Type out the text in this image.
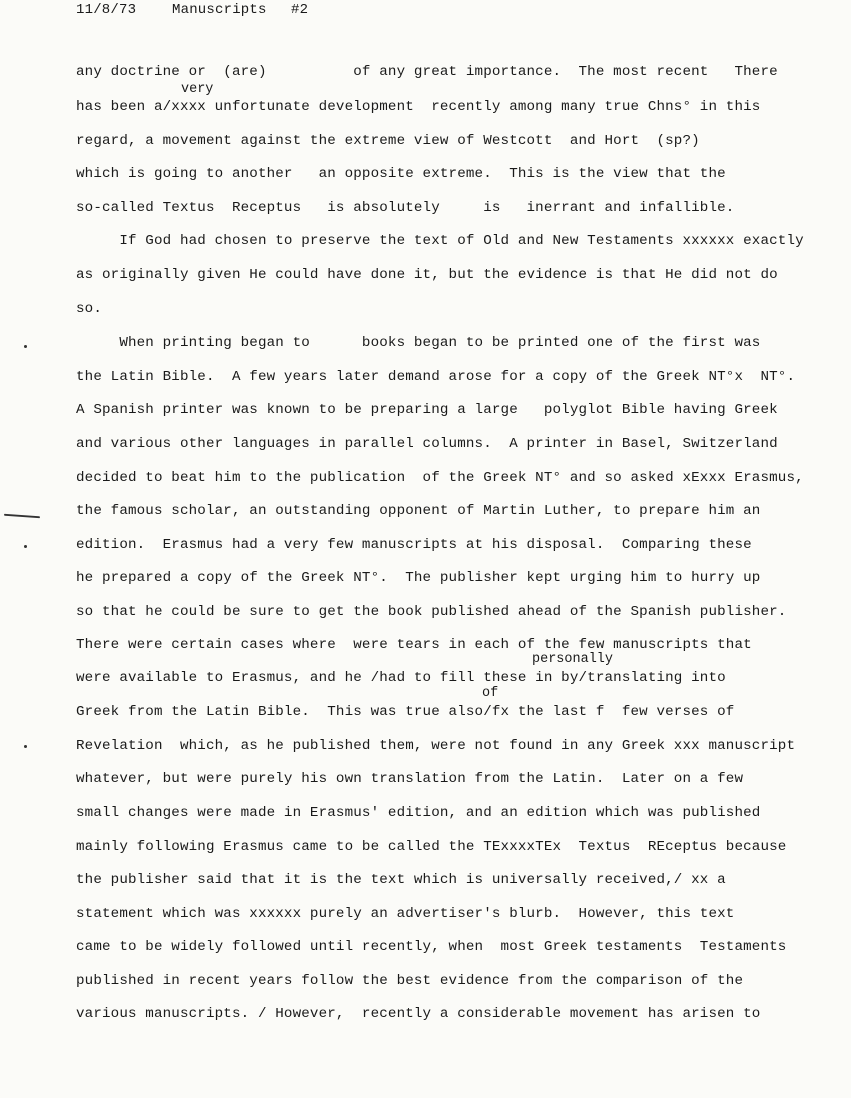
11/8/73	Manuscripts #2
very
personally
of
any doctrine or  (are)          of any great importance.  The most recent   There
has been a/xxxx unfortunate development  recently among many true Chns° in this
regard, a movement against the extreme view of Westcott  and Hort  (sp?)
which is going to another   an opposite extreme.  This is the view that the
so-called Textus  Receptus   is absolutely     is   inerrant and infallible.
If God had chosen to preserve the text of Old and New Testaments xxxxxx exactly
as originally given He could have done it, but the evidence is that He did not do
so.
When printing began to      books began to be printed one of the first was
the Latin Bible.  A few years later demand arose for a copy of the Greek NT°x  NT°.
A Spanish printer was known to be preparing a large   polyglot Bible having Greek
and various other languages in parallel columns.  A printer in Basel, Switzerland
decided to beat him to the publication  of the Greek NT° and so asked xExxx Erasmus,
the famous scholar, an outstanding opponent of Martin Luther, to prepare him an
edition.  Erasmus had a very few manuscripts at his disposal.  Comparing these
he prepared a copy of the Greek NT°.  The publisher kept urging him to hurry up
so that he could be sure to get the book published ahead of the Spanish publisher.
There were certain cases where  were tears in each of the few manuscripts that
were available to Erasmus, and he /had to fill these in by/translating into
Greek from the Latin Bible.  This was true also/fx the last f  few verses of
Revelation  which, as he published them, were not found in any Greek xxx manuscript
whatever, but were purely his own translation from the Latin.  Later on a few
small changes were made in Erasmus' edition, and an edition which was published
mainly following Erasmus came to be called the TExxxxTEx  Textus  REceptus because
the publisher said that it is the text which is universally received,/ xx a
statement which was xxxxxx purely an advertiser's blurb.  However, this text
came to be widely followed until recently, when  most Greek testaments  Testaments
published in recent years follow the best evidence from the comparison of the
various manuscripts. / However,  recently a considerable movement has arisen to
